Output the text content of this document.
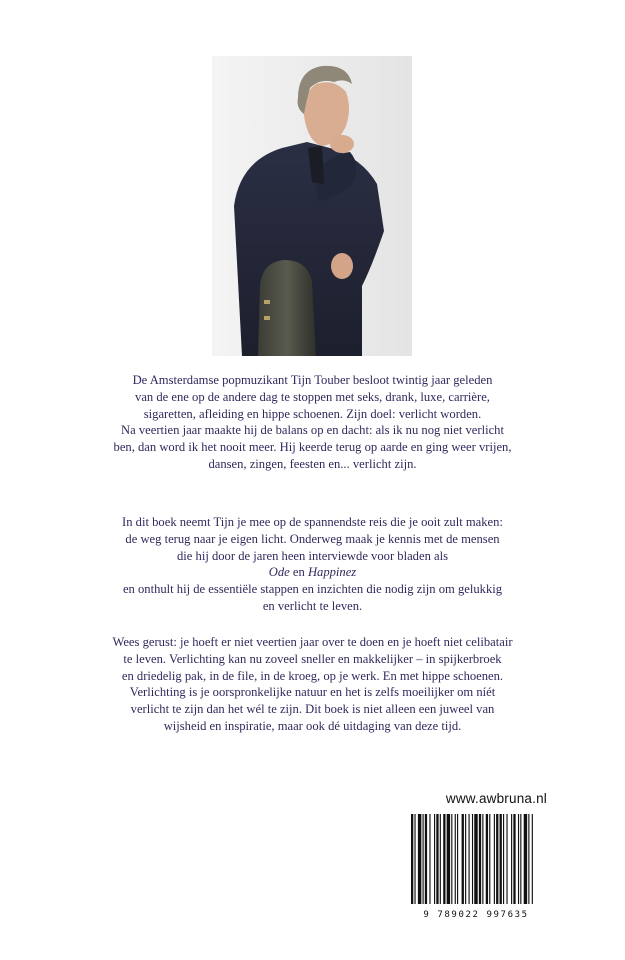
De Amsterdamse popmuzikant Tijn Touber besloot twintig jaar geleden
van de ene op de andere dag te stoppen met seks, drank, luxe, carrière,
sigaretten, afleiding en hippe schoenen. Zijn doel: verlicht worden.
Na veertien jaar maakte hij de balans op en dacht: als ik nu nog niet verlicht
ben, dan word ik het nooit meer. Hij keerde terug op aarde en ging weer vrijen,
dansen, zingen, feesten en... verlicht zijn.
In dit boek neemt Tijn je mee op de spannendste reis die je ooit zult maken:
de weg terug naar je eigen licht. Onderweg maak je kennis met de mensen
die hij door de jaren heen interviewde voor bladen als
Ode en Happinez
en onthult hij de essentiële stappen en inzichten die nodig zijn om gelukkig
en verlicht te leven.
Wees gerust: je hoeft er niet veertien jaar over te doen en je hoeft niet celibatair
te leven. Verlichting kan nu zoveel sneller en makkelijker – in spijkerbroek
en driedelig pak, in de file, in de kroeg, op je werk. En met hippe schoenen.
Verlichting is je oorspronkelijke natuur en het is zelfs moeilijker om níét
verlicht te zijn dan het wél te zijn. Dit boek is niet alleen een juweel van
wijsheid en inspiratie, maar ook dé uitdaging van deze tijd.
www.awbruna.nl
9 789022 997635
